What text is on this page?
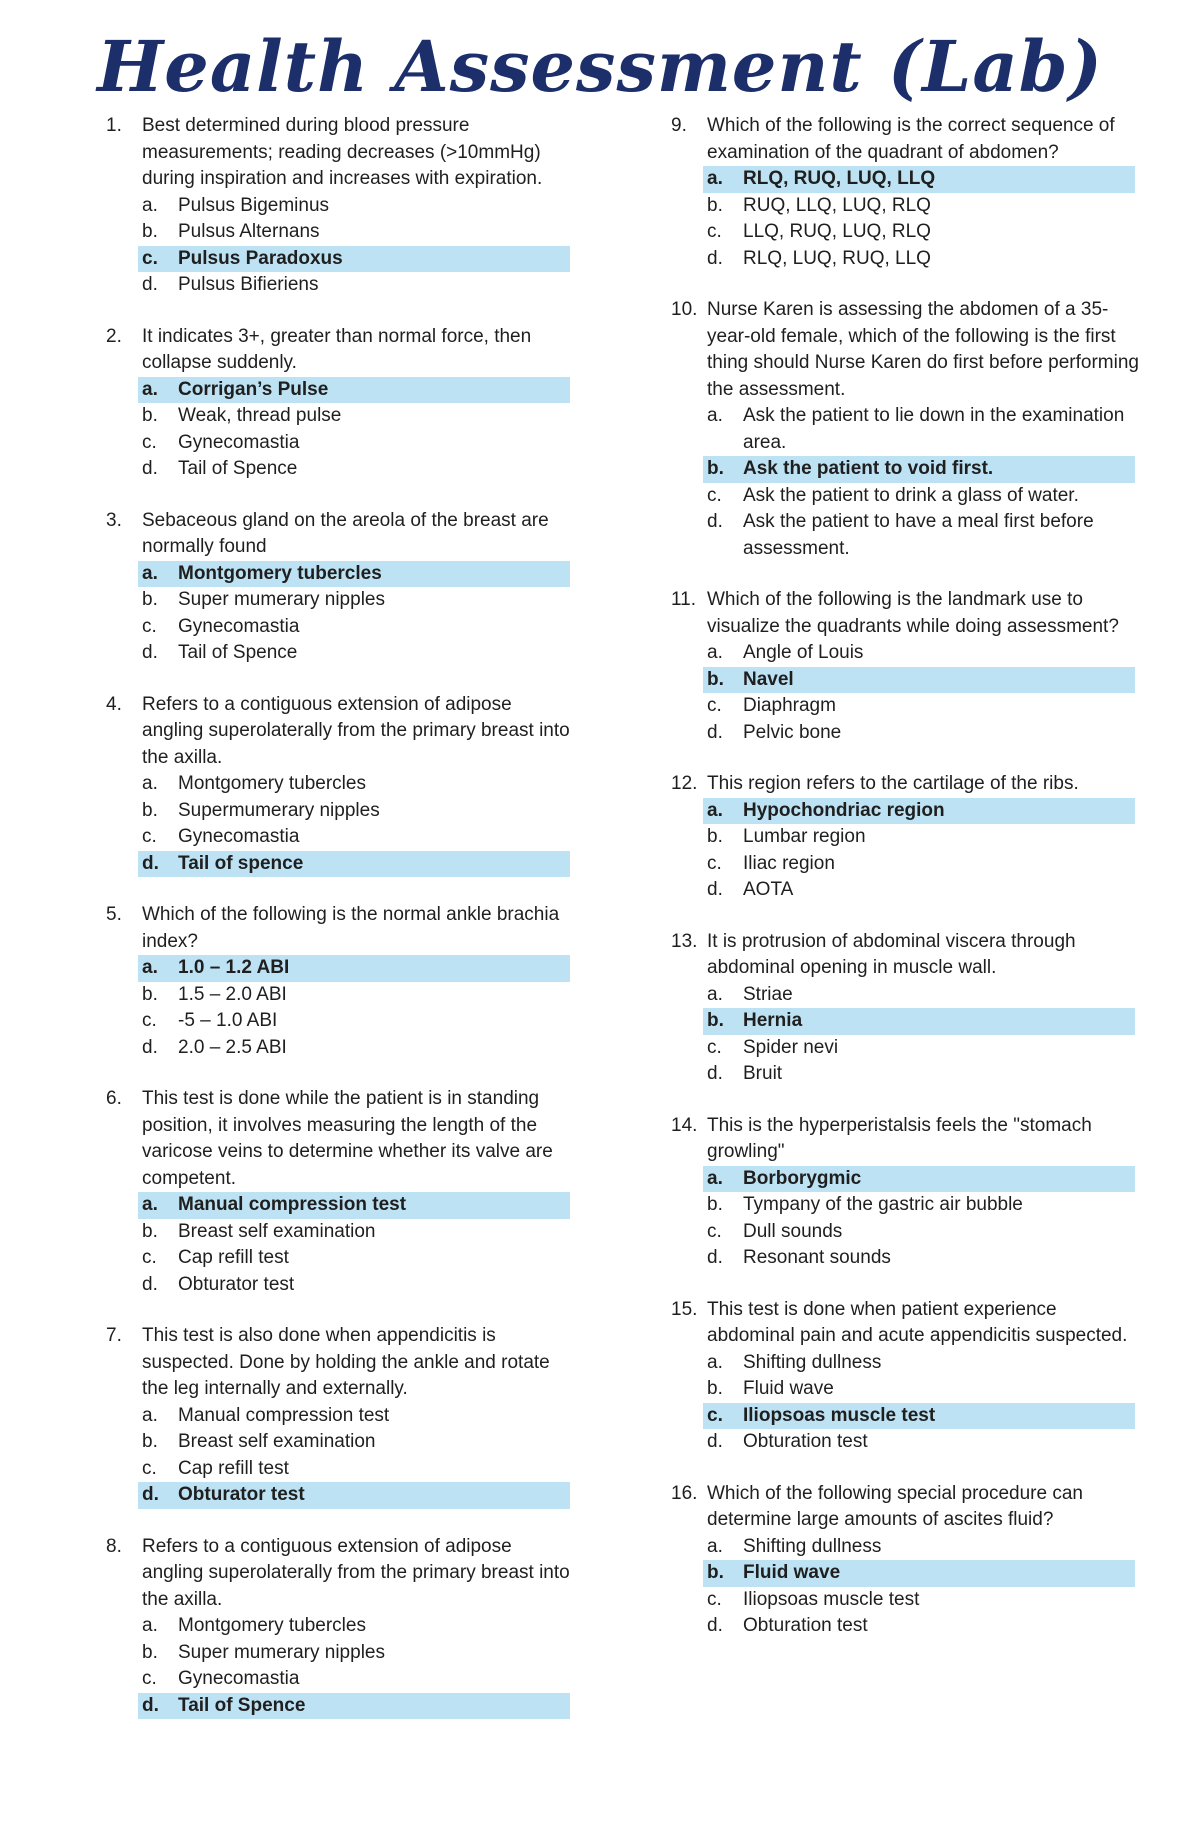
Health Assessment (Lab)
1.	Best determined during blood pressure measurements; reading decreases (>10mmHg) during inspiration and increases with expiration.
a.	Pulsus Bigeminus
b.	Pulsus Alternans
c.	Pulsus Paradoxus
d.	Pulsus Bifieriens
2.	It indicates 3+, greater than normal force, then collapse suddenly.
a.	Corrigan’s Pulse
b.	Weak, thread pulse
c.	Gynecomastia
d.	Tail of Spence
3.	Sebaceous gland on the areola of the breast are normally found
a.	Montgomery tubercles
b.	Super mumerary nipples
c.	Gynecomastia
d.	Tail of Spence
4.	Refers to a contiguous extension of adipose angling superolaterally from the primary breast into the axilla.
a.	Montgomery tubercles
b.	Supermumerary nipples
c.	Gynecomastia
d.	Tail of spence
5.	Which of the following is the normal ankle brachia index?
a.	1.0 – 1.2 ABI
b.	1.5 – 2.0 ABI
c.	-5 – 1.0 ABI
d.	2.0 – 2.5 ABI
6.	This test is done while the patient is in standing position, it involves measuring the length of the varicose veins to determine whether its valve are competent.
a.	Manual compression test
b.	Breast self examination
c.	Cap refill test
d.	Obturator test
7.	This test is also done when appendicitis is suspected. Done by holding the ankle and rotate the leg internally and externally.
a.	Manual compression test
b.	Breast self examination
c.	Cap refill test
d.	Obturator test
8.	Refers to a contiguous extension of adipose angling superolaterally from the primary breast into the axilla.
a.	Montgomery tubercles
b.	Super mumerary nipples
c.	Gynecomastia
d.	Tail of Spence
9.	Which of the following is the correct sequence of examination of the quadrant of abdomen?
a.	RLQ, RUQ, LUQ, LLQ
b.	RUQ, LLQ, LUQ, RLQ
c.	LLQ, RUQ, LUQ, RLQ
d.	RLQ, LUQ, RUQ, LLQ
10. Nurse Karen is assessing the abdomen of a 35-year-old female, which of the following is the first thing should Nurse Karen do first before performing the assessment.
a.	Ask the patient to lie down in the examination area.
b.	Ask the patient to void first.
c.	Ask the patient to drink a glass of water.
d.	Ask the patient to have a meal first before assessment.
11. Which of the following is the landmark use to visualize the quadrants while doing assessment?
a.	Angle of Louis
b.	Navel
c.	Diaphragm
d.	Pelvic bone
12. This region refers to the cartilage of the ribs.
a.	Hypochondriac region
b.	Lumbar region
c.	Iliac region
d.	AOTA
13. It is protrusion of abdominal viscera through abdominal opening in muscle wall.
a.	Striae
b.	Hernia
c.	Spider nevi
d.	Bruit
14. This is the hyperperistalsis feels the "stomach growling"
a.	Borborygmic
b.	Tympany of the gastric air bubble
c.	Dull sounds
d.	Resonant sounds
15. This test is done when patient experience abdominal pain and acute appendicitis suspected.
a.	Shifting dullness
b.	Fluid wave
c.	Iliopsoas muscle test
d.	Obturation test
16. Which of the following special procedure can determine large amounts of ascites fluid?
a.	Shifting dullness
b.	Fluid wave
c.	Iliopsoas muscle test
d.	Obturation test
